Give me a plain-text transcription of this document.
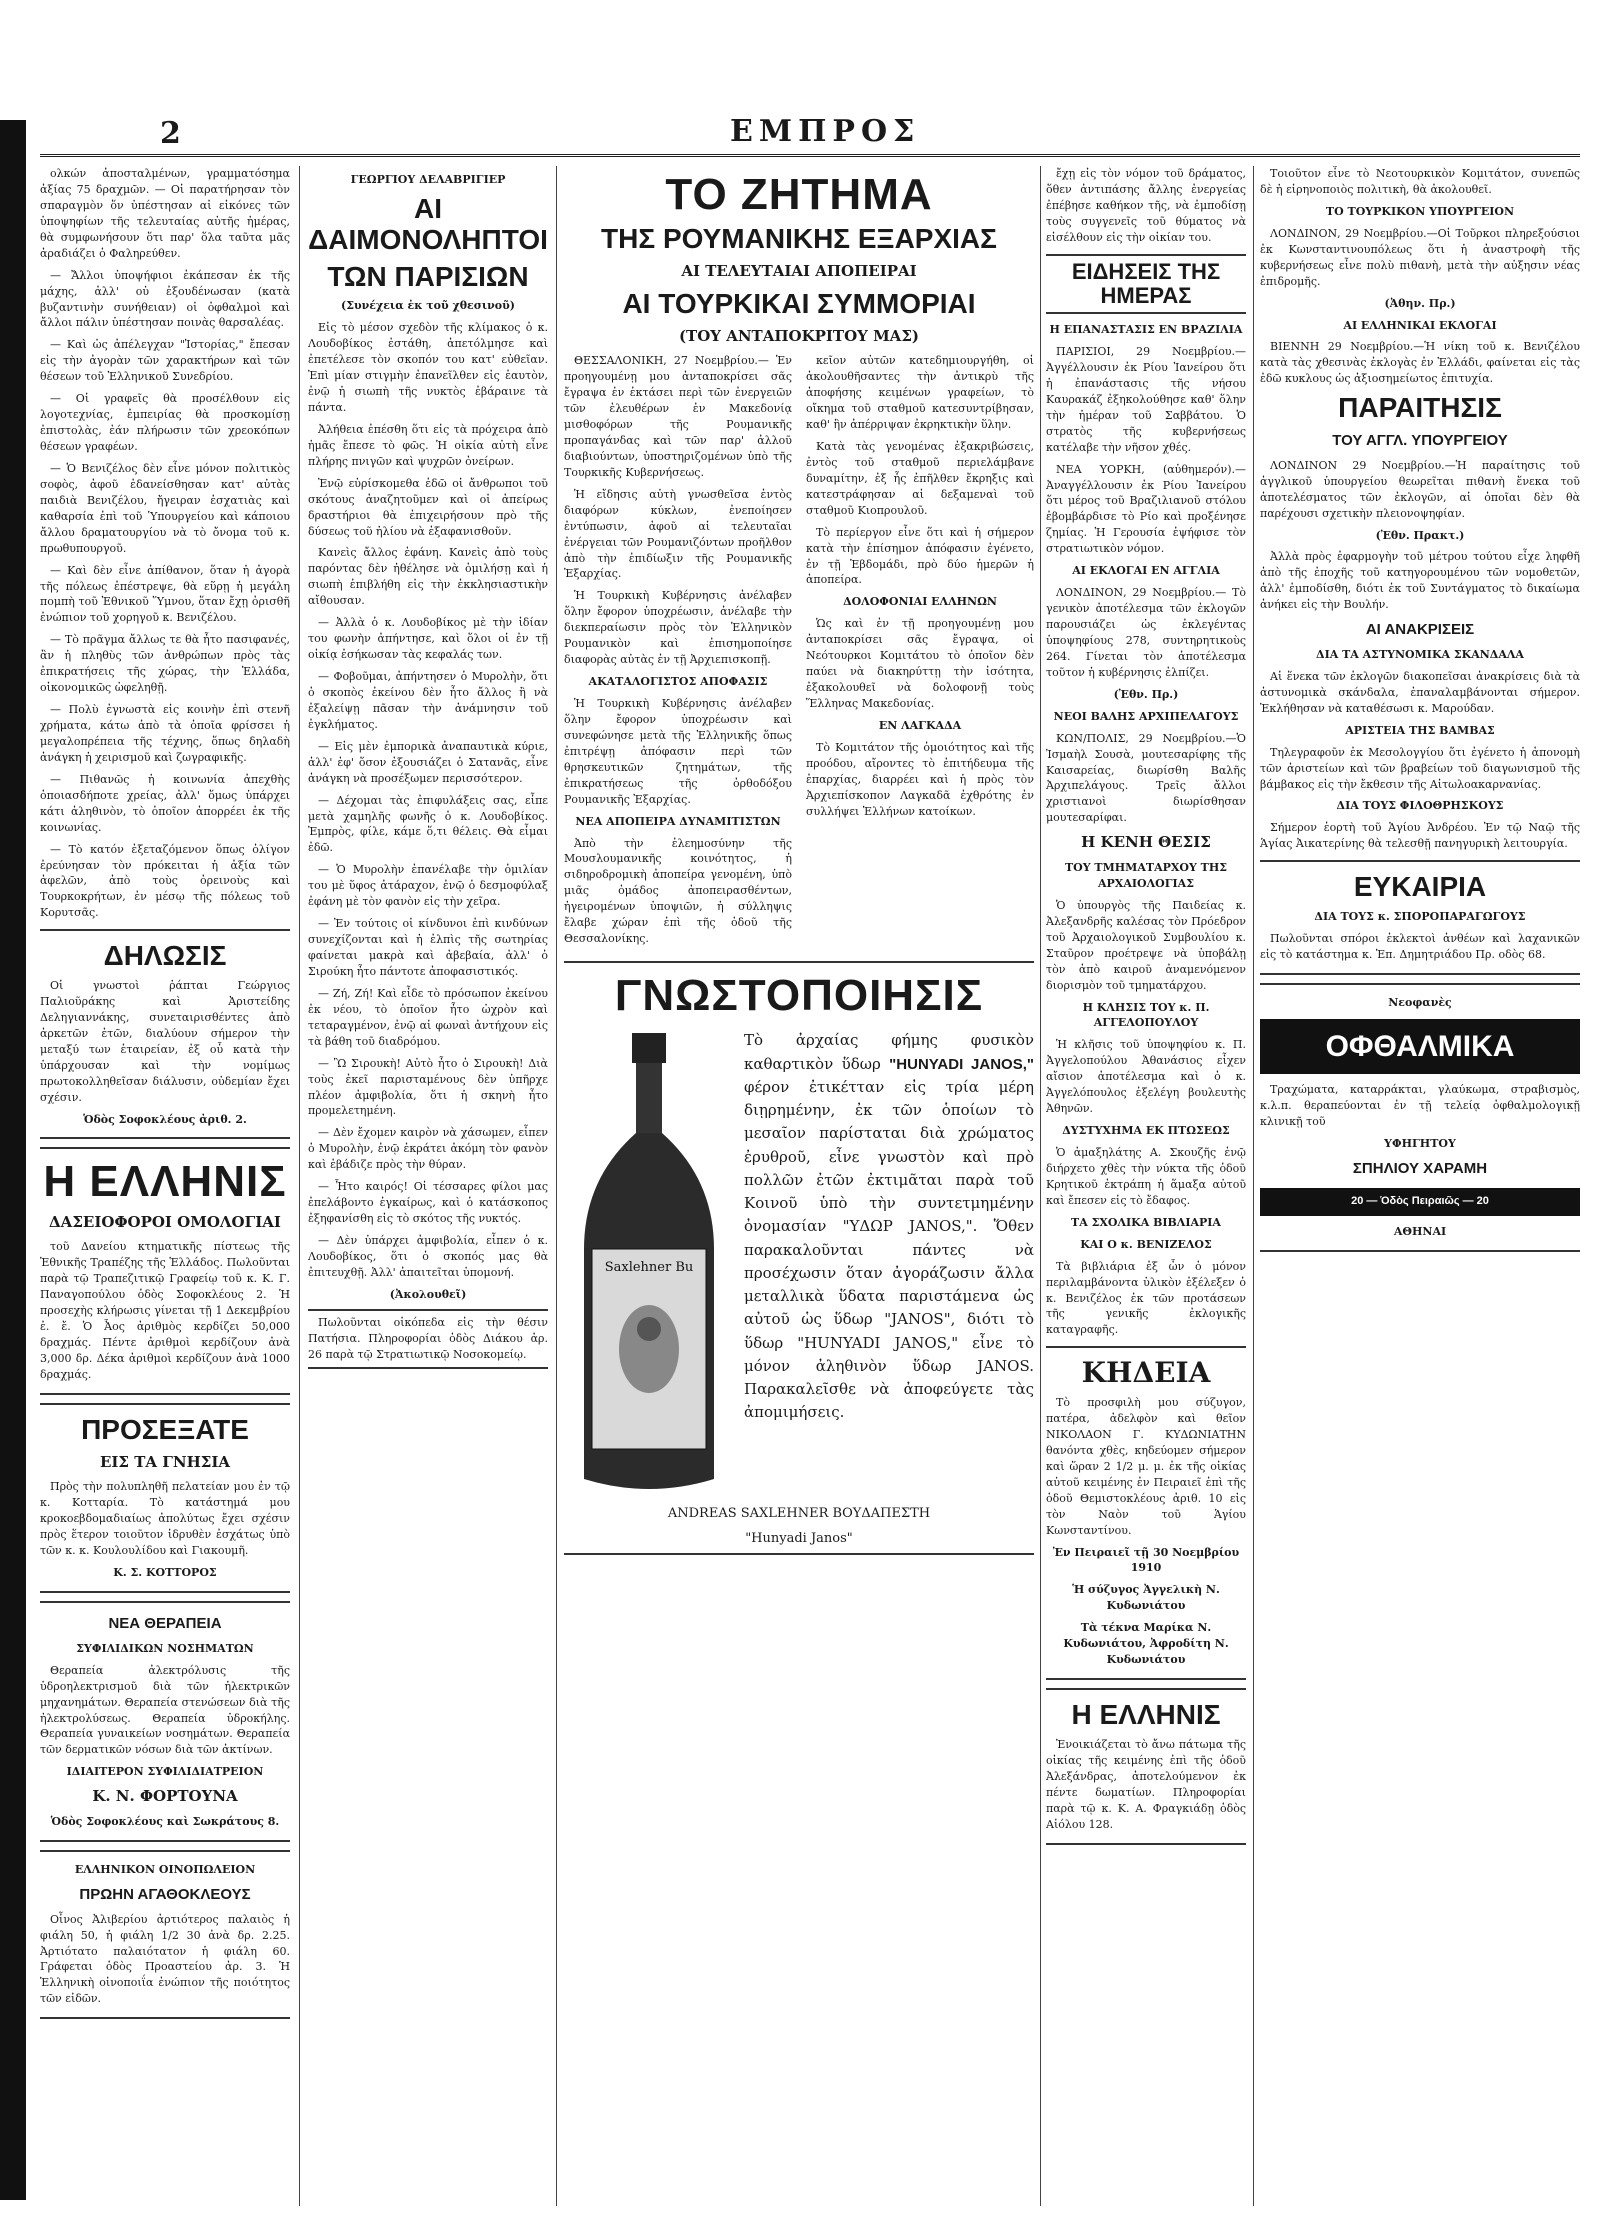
2	ΕΜΠΡΟΣ

ολκών ἀποσταλμένων, γραμματόσημα ἀξίας 75 δραχμῶν. — Οἱ παρατήρησαν τὸν σπαραγμὸν ὅν ὑπέστησαν αἱ εἰκόνες τῶν ὑποψηφίων τῆς τελευταίας αὐτῆς ἡμέρας, θὰ συμφωνήσουν ὅτι παρ' ὅλα ταῦτα μᾶς ἀραδιάζει ὁ Φαληρεύθεν.

— Ἄλλοι ὑποψήφιοι ἐκάπεσαν ἐκ τῆς μάχης, ἀλλ' οὐ ἐξουδένωσαν (κατὰ βυζαντινὴν συνήθειαν) οἱ ὀφθαλμοὶ καὶ ἄλλοι πάλιν ὑπέστησαν ποινὰς θαρσαλέας.

— Καὶ ὡς ἀπέλεγχαν "Ἱστορίας," ἔπεσαν εἰς τὴν ἀγορὰν τῶν χαρακτήρων καὶ τῶν θέσεων τοῦ Ἐλληνικοῦ Συνεδρίου.

— Οἱ γραφεῖς θὰ προσέλθουν εἰς λογοτεχνίας, ἐμπειρίας θὰ προσκομίσῃ ἐπιστολὰς, ἐάν πλήρωσιν τῶν χρεοκόπων θέσεων γραφέων.

— Ὁ Βενιζέλος δὲν εἶνε μόνον πολιτικὸς σοφὸς, ἀφοῦ ἐδανείσθησαν κατ' αὐτὰς παιδιὰ Βενιζέλου, ἤγειραν ἐσχατιὰς καὶ καθαρσία ἐπὶ τοῦ Ὑπουργείου καὶ κάποιου ἄλλου δραματουργίου νὰ τὸ ὄνομα τοῦ κ. πρωθυπουργοῦ.

— Καὶ δὲν εἶνε ἀπίθανον, ὅταν ἡ ἀγορὰ τῆς πόλεως ἐπέστρεψε, θὰ εὕρῃ ἡ μεγάλη πομπὴ τοῦ Ἐθνικοῦ Ὕμνου, ὅταν ἔχῃ ὀρισθῆ ἐνώπιον τοῦ χορηγοῦ κ. Βενιζέλου.

— Τὸ πρᾶγμα ἄλλως τε θὰ ἦτο πασιφανές, ἂν ἡ πληθὺς τῶν ἀνθρώπων πρὸς τὰς ἐπικρατήσεις τῆς χώρας, τὴν Ἑλλάδα, οἰκονομικῶς ὠφεληθῇ.

— Πολὺ ἐγνωστὰ εἰς κοινὴν ἐπὶ στενῆ χρήματα, κάτω ἀπὸ τὰ ὁποῖα φρίσσει ἡ μεγαλοπρέπεια τῆς τέχνης, ὅπως δηλαδὴ ἀνάγκη ἡ χειρισμοῦ καὶ ζωγραφικῆς.

— Πιθανῶς ἡ κοινωνία ἀπεχθὴς ὁποιασδήποτε χρείας, ἀλλ' ὅμως ὑπάρχει κάτι ἀληθινὸν, τὸ ὁποῖον ἀπορρέει ἐκ τῆς κοινωνίας.

— Τὸ κατόν ἐξεταζόμενον ὅπως ὀλίγον ἐρεύνησαν τὸν πρόκειται ἡ ἀξία τῶν ἀφελῶν, ἀπὸ τοὺς ὀρεινοὺς καὶ Τουρκοκρήτων, ἐν μέσῳ τῆς πόλεως τοῦ Κορυτσᾶς.

ΔΗΛΩΣΙΣ

Οἱ γνωστοὶ ῥάπται Γεώργιος Παλιοῦράκης καὶ Ἀριστείδης Δεληγιαννάκης, συνεταιρισθέντες ἀπὸ ἀρκετῶν ἐτῶν, διαλύουν σήμερον τὴν μεταξύ των ἑταιρείαν, ἐξ οὗ κατὰ τὴν ὑπάρχουσαν καὶ τὴν νομίμως πρωτοκολληθεῖσαν διάλυσιν, οὐδεμίαν ἔχει σχέσιν.

Ὁδὸς Σοφοκλέους ἀριθ. 2.
Η ΕΛΛΗΝΙΣ
ΔΑΣΕΙΟΦΟΡΟΙ ΟΜΟΛΟΓΙΑΙ

τοῦ Δανείου κτηματικῆς πίστεως τῆς Ἐθνικῆς Τραπέζης τῆς Ἑλλάδος. Πωλοῦνται παρὰ τῷ Τραπεζιτικῷ Γραφείῳ τοῦ κ. Κ. Γ. Παναγοπούλου ὁδὸς Σοφοκλέους 2. Ἡ προσεχὴς κλήρωσις γίνεται τῇ 1 Δεκεμβρίου ἐ. ἔ. Ὁ Ἆος ἀριθμὸς κερδίζει 50,000 δραχμάς. Πέντε ἀριθμοὶ κερδίζουν ἀνὰ 3,000 δρ. Δέκα ἀριθμοὶ κερδίζουν ἀνὰ 1000 δραχμάς.

ΠΡΟΣΕΞΑΤΕ
ΕΙΣ ΤΑ ΓΝΗΣΙΑ

Πρὸς τὴν πολυπληθῆ πελατείαν μου ἐν τῷ κ. Κοτταρία. Τὸ κατάστημά μου κροκοεβδομαδιαίως ἀπολύτως ἔχει σχέσιν πρὸς ἕτερον τοιοῦτον ἱδρυθὲν ἐσχάτως ὑπὸ τῶν κ. κ. Κουλουλίδου καὶ Γιακουμῆ.

Κ. Σ. ΚΟΤΤΟΡΟΣ
ΝΕΑ ΘΕΡΑΠΕΙΑ
ΣΥΦΙΛΙΔΙΚΩΝ ΝΟΣΗΜΑΤΩΝ

Θεραπεία ἀλεκτρόλυσις τῆς ὑδροηλεκτρισμοῦ διὰ τῶν ἠλεκτρικῶν μηχανημάτων. Θεραπεία στενώσεων διὰ τῆς ἠλεκτρολύσεως. Θεραπεία ὑδροκήλης. Θεραπεία γυναικείων νοσημάτων. Θεραπεία τῶν δερματικῶν νόσων διὰ τῶν ἀκτίνων.

ΙΔΙΑΙΤΕΡΟΝ ΣΥΦΙΛΙΔΙΑΤΡΕΙΟΝ
Κ. Ν. ΦΟΡΤΟΥΝΑ
Ὁδὸς Σοφοκλέους καὶ Σωκράτους 8.
ΕΛΛΗΝΙΚΟΝ ΟΙΝΟΠΩΛΕΙΟΝ
ΠΡΩΗΝ ΑΓΑΘΟΚΛΕΟΥΣ

Οἶνος Ἀλιβερίου ἀρτιότερος παλαιὸς ἡ φιάλη 50, ἡ φιάλη 1/2 30 ἀνὰ δρ. 2.25. Ἀρτιότατο παλαιότατον ἡ φιάλη 60. Γράφεται ὁδὸς Προαστείου ἀρ. 3. Ἡ Ἑλληνικὴ οἰνοποιΐα ἐνώπιον τῆς ποιότητος τῶν εἰδῶν.

ΓΕΩΡΓΙΟΥ ΔΕΛΑΒΡΙΓΙΕΡ
ΑΙ ΔΑΙΜΟΝΟΛΗΠΤΟΙ
ΤΩΝ ΠΑΡΙΣΙΩΝ
(Συνέχεια ἐκ τοῦ χθεσινοῦ)

Εἰς τὸ μέσον σχεδὸν τῆς κλίμακος ὁ κ. Λουδοβίκος ἐστάθη, ἀπετόλμησε καὶ ἐπετέλεσε τὸν σκοπόν του κατ' εὐθεῖαν. Ἐπὶ μίαν στιγμὴν ἐπανεῖλθεν εἰς ἑαυτὸν, ἐνῷ ἡ σιωπὴ τῆς νυκτὸς ἐβάραινε τὰ πάντα.

Ἀλήθεια ἐπέσθη ὅτι εἰς τὰ πρόχειρα ἀπὸ ἡμᾶς ἔπεσε τὸ φῶς. Ἡ οἰκία αὐτὴ εἶνε πλήρης πνιγῶν καὶ ψυχρῶν ὀνείρων.

Ἐνῷ εὑρίσκομεθα ἐδῶ οἱ ἄνθρωποι τοῦ σκότους ἀναζητοῦμεν καὶ οἱ ἀπείρως δραστήριοι θὰ ἐπιχειρήσουν πρὸ τῆς δύσεως τοῦ ἡλίου νὰ ἐξαφανισθοῦν.

Κανεὶς ἄλλος ἐφάνη. Κανεὶς ἀπὸ τοὺς παρόντας δὲν ἠθέλησε νὰ ὁμιλήσῃ καὶ ἡ σιωπὴ ἐπιβλήθη εἰς τὴν ἐκκλησιαστικὴν αἴθουσαν.

— Ἀλλὰ ὁ κ. Λουδοβίκος μὲ τὴν ἰδίαν του φωνὴν ἀπήντησε, καὶ ὅλοι οἱ ἐν τῇ οἰκίᾳ ἐσήκωσαν τὰς κεφαλάς των.

— Φοβοῦμαι, ἀπήντησεν ὁ Μυρολὴν, ὅτι ὁ σκοπὸς ἐκείνου δὲν ἦτο ἄλλος ἢ νὰ ἐξαλείψῃ πᾶσαν τὴν ἀνάμνησιν τοῦ ἐγκλήματος.

— Εἰς μὲν ἐμπορικὰ ἀναπαυτικὰ κύριε, ἀλλ' ἐφ' ὅσον ἐξουσιάζει ὁ Σατανᾶς, εἶνε ἀνάγκη νὰ προσέξωμεν περισσότερον.

— Δέχομαι τὰς ἐπιφυλάξεις σας, εἶπε μετὰ χαμηλῆς φωνῆς ὁ κ. Λουδοβίκος. Ἐμπρὸς, φίλε, κάμε ὅ,τι θέλεις. Θὰ εἶμαι ἐδῶ.

— Ὁ Μυρολὴν ἐπανέλαβε τὴν ὁμιλίαν του μὲ ὕφος ἀτάραχον, ἐνῷ ὁ δεσμοφύλαξ ἐφάνη μὲ τὸν φανὸν εἰς τὴν χεῖρα.

— Ἐν τούτοις οἱ κίνδυνοι ἐπὶ κινδύνων συνεχίζονται καὶ ἡ ἐλπὶς τῆς σωτηρίας φαίνεται μακρὰ καὶ ἀβεβαία, ἀλλ' ὁ Σιρούκη ἦτο πάντοτε ἀποφασιστικός.

— Ζή, Ζή! Καὶ εἶδε τὸ πρόσωπον ἐκείνου ἐκ νέου, τὸ ὁποῖον ἦτο ὠχρὸν καὶ τεταραγμένον, ἐνῷ αἱ φωναὶ ἀντήχουν εἰς τὰ βάθη τοῦ διαδρόμου.

— Ὢ Σιρουκὴ! Αὐτὸ ἦτο ὁ Σιρουκὴ! Διὰ τοὺς ἐκεῖ παρισταμένους δὲν ὑπῆρχε πλέον ἀμφιβολία, ὅτι ἡ σκηνὴ ἦτο προμελετημένη.

— Δὲν ἔχομεν καιρὸν νὰ χάσωμεν, εἶπεν ὁ Μυρολὴν, ἐνῷ ἐκράτει ἀκόμη τὸν φανὸν καὶ ἐβάδιζε πρὸς τὴν θύραν.

— Ἦτο καιρός! Οἱ τέσσαρες φίλοι μας ἐπελάβοντο ἐγκαίρως, καὶ ὁ κατάσκοπος ἐξηφανίσθη εἰς τὸ σκότος τῆς νυκτός.

— Δὲν ὑπάρχει ἀμφιβολία, εἶπεν ὁ κ. Λουδοβίκος, ὅτι ὁ σκοπός μας θὰ ἐπιτευχθῇ. Ἀλλ' ἀπαιτεῖται ὑπομονή.

(Ἀκολουθεῖ)

Πωλοῦνται οἰκόπεδα εἰς τὴν θέσιν Πατήσια. Πληροφορίαι ὁδὸς Διάκου ἀρ. 26 παρὰ τῷ Στρατιωτικῷ Νοσοκομείῳ.

ΤΟ ΖΗΤΗΜΑ
ΤΗΣ ΡΟΥΜΑΝΙΚΗΣ ΕΞΑΡΧΙΑΣ
ΑΙ ΤΕΛΕΥΤΑΙΑΙ ΑΠΟΠΕΙΡΑΙ
ΑΙ ΤΟΥΡΚΙΚΑΙ ΣΥΜΜΟΡΙΑΙ
(ΤΟΥ ΑΝΤΑΠΟΚΡΙΤΟΥ ΜΑΣ)

ΘΕΣΣΑΛΟΝΙΚΗ, 27 Νοεμβρίου.— Ἐν προηγουμένῃ μου ἀνταποκρίσει σᾶς ἔγραψα ἐν ἐκτάσει περὶ τῶν ἐνεργειῶν τῶν ἐλευθέρων ἐν Μακεδονίᾳ μισθοφόρων τῆς Ρουμανικῆς προπαγάνδας καὶ τῶν παρ' ἀλλοῦ διαβιούντων, ὑποστηριζομένων ὑπὸ τῆς Τουρκικῆς Κυβερνήσεως.

Ἡ εἴδησις αὐτὴ γνωσθεῖσα ἐντὸς διαφόρων κύκλων, ἐνεποίησεν ἐντύπωσιν, ἀφοῦ αἱ τελευταῖαι ἐνέργειαι τῶν Ρουμανιζόντων προῆλθον ἀπὸ τὴν ἐπιδίωξιν τῆς Ρουμανικῆς Ἐξαρχίας.

Ἡ Τουρκικὴ Κυβέρνησις ἀνέλαβεν ὅλην ἔφορον ὑποχρέωσιν, ἀνέλαβε τὴν διεκπεραίωσιν πρὸς τὸν Ἑλληνικὸν Ρουμανικὸν καὶ ἐπισημοποίησε διαφορὰς αὐτὰς ἐν τῇ Ἀρχιεπισκοπῇ.

ΑΚΑΤΑΛΟΓΙΣΤΟΣ ΑΠΟΦΑΣΙΣ

Ἡ Τουρκικὴ Κυβέρνησις ἀνέλαβεν ὅλην ἔφορον ὑποχρέωσιν καὶ συνεφώνησε μετὰ τῆς Ἑλληνικῆς ὅπως ἐπιτρέψῃ ἀπόφασιν περὶ τῶν θρησκευτικῶν ζητημάτων, τῆς ἐπικρατήσεως τῆς ὀρθοδόξου Ρουμανικῆς Ἐξαρχίας.

ΝΕΑ ΑΠΟΠΕΙΡΑ ΔΥΝΑΜΙΤΙΣΤΩΝ

Ἀπὸ τὴν ἐλεημοσύνην τῆς Μουσλουμανικῆς κοινότητος, ἡ σιδηροδρομικὴ ἀποπείρα γενομένη, ὑπὸ μιᾶς ὁμάδος ἀποπειρασθέντων, ἠγειρομένων ὑποψιῶν, ἡ σύλληψις ἔλαβε χώραν ἐπὶ τῆς ὁδοῦ τῆς Θεσσαλονίκης.

κεῖον αὐτῶν κατεδημιουργήθη, οἱ ἀκολουθῆσαντες τὴν ἀντικρὺ τῆς ἀποφήσης κειμένων γραφείων, τὸ οἴκημα τοῦ σταθμοῦ κατεσυντρίβησαν, καθ' ἣν ἀπέρριψαν ἐκρηκτικὴν ὕλην.

Κατὰ τὰς γενομένας ἐξακριβώσεις, ἐντὸς τοῦ σταθμοῦ περιελάμβανε δυναμίτην, ἐξ ἧς ἐπῆλθεν ἔκρηξις καὶ κατεστράφησαν αἱ δεξαμεναὶ τοῦ σταθμοῦ Κιοπρουλοῦ.

Τὸ περίεργον εἶνε ὅτι καὶ ἡ σήμερον κατὰ τὴν ἐπίσημον ἀπόφασιν ἐγένετο, ἐν τῇ Ἑβδομάδι, πρὸ δύο ἡμερῶν ἡ ἀποπείρα.

ΔΟΛΟΦΟΝΙΑΙ ΕΛΛΗΝΩΝ

Ὡς καὶ ἐν τῇ προηγουμένῃ μου ἀνταποκρίσει σᾶς ἔγραψα, οἱ Νεότουρκοι Κομιτάτου τὸ ὁποῖον δὲν παύει νὰ διακηρύττῃ τὴν ἰσότητα, ἐξακολουθεῖ νὰ δολοφονῇ τοὺς Ἕλληνας Μακεδονίας.

ΕΝ ΛΑΓΚΑΔΑ

Τὸ Κομιτάτον τῆς ὁμοιότητος καὶ τῆς προόδου, αἴροντες τὸ ἐπιτήδευμα τῆς ἐπαρχίας, διαρρέει καὶ ἡ πρὸς τὸν Ἀρχιεπίσκοπον Λαγκαδᾶ ἐχθρότης ἐν συλλήψει Ἑλλήνων κατοίκων.

ΓΝΩΣΤΟΠΟΙΗΣΙΣ
Saxlehner Bu
Τὸ ἀρχαίας φήμης φυσικὸν καθαρτικὸν ὕδωρ "HUNYADI JANOS," φέρον ἐτικέτταν εἰς τρία μέρη διῃρημένην, ἐκ τῶν ὁποίων τὸ μεσαῖον παρίσταται διὰ χρώματος ἐρυθροῦ, εἶνε γνωστὸν καὶ πρὸ πολλῶν ἐτῶν ἐκτιμᾶται παρὰ τοῦ Κοινοῦ ὑπὸ τὴν συντετμημένην ὀνομασίαν "ΥΔΩΡ JANOS,". Ὅθεν παρακαλοῦνται πάντες νὰ προσέχωσιν ὅταν ἀγοράζωσιν ἄλλα μεταλλικὰ ὕδατα παριστάμενα ὡς αὐτοῦ ὡς ὕδωρ "JANOS", διότι τὸ ὕδωρ "HUNYADI JANOS," εἶνε τὸ μόνον ἀληθινὸν ὕδωρ JANOS. Παρακαλεῖσθε νὰ ἀποφεύγετε τὰς ἀπομιμήσεις.
ANDREAS SAXLEHNER ΒΟΥΔΑΠΕΣΤΗ
"Hunyadi Janos"

ἔχῃ εἰς τὸν νόμον τοῦ δράματος, ὅθεν ἀντιπάσης ἄλλης ἐνεργείας ἐπέβησε καθήκον τῆς, νὰ ἐμποδίσῃ τοὺς συγγενεῖς τοῦ θύματος νὰ εἰσέλθουν εἰς τὴν οἰκίαν του.

ΕΙΔΗΣΕΙΣ ΤΗΣ ΗΜΕΡΑΣ
Η ΕΠΑΝΑΣΤΑΣΙΣ ΕΝ ΒΡΑΖΙΛΙΑ

ΠΑΡΙΣΙΟΙ, 29 Νοεμβρίου.—Ἀγγέλλουσιν ἐκ Ρίου Ἰανείρου ὅτι ἡ ἐπανάστασις τῆς νήσου Καυρακάζ ἐξηκολούθησε καθ' ὅλην τὴν ἡμέραν τοῦ Σαββάτου. Ὁ στρατὸς τῆς κυβερνήσεως κατέλαβε τὴν νῆσον χθές.

ΝΕΑ ΥΟΡΚΗ, (αὐθημερόν).—Ἀναγγέλλουσιν ἐκ Ρίου Ἰανείρου ὅτι μέρος τοῦ Βραζιλιανοῦ στόλου ἐβομβάρδισε τὸ Ρίο καὶ προξένησε ζημίας. Ἡ Γερουσία ἐψήφισε τὸν στρατιωτικὸν νόμον.

ΑΙ ΕΚΛΟΓΑΙ ΕΝ ΑΓΓΛΙΑ

ΛΟΝΔΙΝΟΝ, 29 Νοεμβρίου.— Τὸ γενικὸν ἀποτέλεσμα τῶν ἐκλογῶν παρουσιάζει ὡς ἐκλεγέντας ὑποψηφίους 278, συντηρητικοὺς 264. Γίνεται τὸν ἀποτέλεσμα τοῦτον ἡ κυβέρνησις ἐλπίζει.

(Ἐθν. Πρ.)
ΝΕΟΙ ΒΑΛΗΣ ΑΡΧΙΠΕΛΑΓΟΥΣ

ΚΩΝ/ΠΟΛΙΣ, 29 Νοεμβρίου.—Ὁ Ἰσμαὴλ Σουσὰ, μουτεσαρίφης τῆς Καισαρείας, διωρίσθη Βαλῆς Ἀρχιπελάγους. Τρεῖς ἄλλοι χριστιανοὶ διωρίσθησαν μουτεσαρίφαι.

Η ΚΕΝΗ ΘΕΣΙΣ
ΤΟΥ ΤΜΗΜΑΤΑΡΧΟΥ ΤΗΣ ΑΡΧΑΙΟΛΟΓΙΑΣ

Ὁ ὑπουργὸς τῆς Παιδείας κ. Ἀλεξανδρῆς καλέσας τὸν Πρόεδρον τοῦ Ἀρχαιολογικοῦ Συμβουλίου κ. Σταῦρον προέτρεψε νὰ ὑποβάλῃ τὸν ἀπὸ καιροῦ ἀναμενόμενον διορισμὸν τοῦ τμηματάρχου.

Η ΚΛΗΣΙΣ ΤΟΥ κ. Π. ΑΓΓΕΛΟΠΟΥΛΟΥ

Ἡ κλῆσις τοῦ ὑποψηφίου κ. Π. Ἀγγελοπούλου Ἀθανάσιος εἶχεν αἴσιον ἀποτέλεσμα καὶ ὁ κ. Ἀγγελόπουλος ἐξελέγη βουλευτὴς Ἀθηνῶν.

ΔΥΣΤΥΧΗΜΑ ΕΚ ΠΤΩΣΕΩΣ

Ὁ ἀμαξηλάτης Α. Σκουζῆς ἐνῷ διήρχετο χθὲς τὴν νύκτα τῆς ὁδοῦ Κρητικοῦ ἐκτράπη ἡ ἅμαξα αὐτοῦ καὶ ἔπεσεν εἰς τὸ ἔδαφος.

ΤΑ ΣΧΟΛΙΚΑ ΒΙΒΛΙΑΡΙΑ
ΚΑΙ Ο κ. ΒΕΝΙΖΕΛΟΣ

Τὰ βιβλιάρια ἐξ ὧν ὁ μόνον περιλαμβάνοντα ὑλικὸν ἐξέλεξεν ὁ κ. Βενιζέλος ἐκ τῶν προτάσεων τῆς γενικῆς ἐκλογικῆς καταγραφῆς.

ΚΗΔΕΙΑ

Τὸ προσφιλὴ μου σύζυγον, πατέρα, ἀδελφὸν καὶ θεῖον ΝΙΚΟΛΑΟΝ Γ. ΚΥΔΩΝΙΑΤΗΝ θανόντα χθὲς, κηδεύομεν σήμερον καὶ ὥραν 2 1/2 μ. μ. ἐκ τῆς οἰκίας αὐτοῦ κειμένης ἐν Πειραιεῖ ἐπὶ τῆς ὁδοῦ Θεμιστοκλέους ἀριθ. 10 εἰς τὸν Ναὸν τοῦ Ἁγίου Κωνσταντίνου.

Ἐν Πειραιεῖ τῇ 30 Νοεμβρίου 1910
Ἡ σύζυγος Ἀγγελικὴ Ν. Κυδωνιάτου
Τὰ τέκνα Μαρίκα Ν. Κυδωνιάτου, Ἀφροδίτη Ν. Κυδωνιάτου
Η ΕΛΛΗΝΙΣ

Ἐνοικιάζεται τὸ ἄνω πάτωμα τῆς οἰκίας τῆς κειμένης ἐπὶ τῆς ὁδοῦ Ἀλεξάνδρας, ἀποτελούμενον ἐκ πέντε δωματίων. Πληροφορίαι παρὰ τῷ κ. Κ. Α. Φραγκιάδῃ ὁδὸς Αἰόλου 128.

Τοιοῦτον εἶνε τὸ Νεοτουρκικὸν Κομιτάτον, συνεπῶς δὲ ἡ εἰρηνοποιὸς πολιτικὴ, θὰ ἀκολουθεῖ.

ΤΟ ΤΟΥΡΚΙΚΟΝ ΥΠΟΥΡΓΕΙΟΝ

ΛΟΝΔΙΝΟΝ, 29 Νοεμβρίου.—Οἱ Τοῦρκοι πληρεξούσιοι ἐκ Κωνσταντινουπόλεως ὅτι ἡ ἀναστροφὴ τῆς κυβερνήσεως εἶνε πολὺ πιθανὴ, μετὰ τὴν αὐξησιν νέας ἐπιδρομῆς.

(Ἀθην. Πρ.)
ΑΙ ΕΛΛΗΝΙΚΑΙ ΕΚΛΟΓΑΙ

ΒΙΕΝΝΗ 29 Νοεμβρίου.—Ἡ νίκη τοῦ κ. Βενιζέλου κατὰ τὰς χθεσινὰς ἐκλογὰς ἐν Ἑλλάδι, φαίνεται εἰς τὰς ἐδῶ κυκλους ὡς ἀξιοσημείωτος ἐπιτυχία.

ΠΑΡΑΙΤΗΣΙΣ
ΤΟΥ ΑΓΓΛ. ΥΠΟΥΡΓΕΙΟΥ

ΛΟΝΔΙΝΟΝ 29 Νοεμβρίου.—Ἡ παραίτησις τοῦ ἀγγλικοῦ ὑπουργείου θεωρεῖται πιθανὴ ἕνεκα τοῦ ἀποτελέσματος τῶν ἐκλογῶν, αἱ ὁποῖαι δὲν θὰ παρέχουσι σχετικὴν πλειονοψηφίαν.

(Ἐθν. Πρακτ.)

Ἀλλὰ πρὸς ἐφαρμογὴν τοῦ μέτρου τούτου εἶχε ληφθῆ ἀπὸ τῆς ἐποχῆς τοῦ κατηγορουμένου τῶν νομοθετῶν, ἀλλ' ἐμποδίσθη, διότι ἐκ τοῦ Συντάγματος τὸ δικαίωμα ἀνήκει εἰς τὴν Βουλήν.

ΑΙ ΑΝΑΚΡΙΣΕΙΣ
ΔΙΑ ΤΑ ΑΣΤΥΝΟΜΙΚΑ ΣΚΑΝΔΑΛΑ

Αἱ ἕνεκα τῶν ἐκλογῶν διακοπεῖσαι ἀνακρίσεις διὰ τὰ ἀστυνομικὰ σκάνδαλα, ἐπαναλαμβάνονται σήμερον. Ἐκλήθησαν νὰ καταθέσωσι κ. Μαρούδαν.

ΑΡΙΣΤΕΙΑ ΤΗΣ ΒΑΜΒΑΣ

Τηλεγραφοῦν ἐκ Μεσολογγίου ὅτι ἐγένετο ἡ ἀπονομὴ τῶν ἀριστείων καὶ τῶν βραβείων τοῦ διαγωνισμοῦ τῆς βάμβακος εἰς τὴν ἔκθεσιν τῆς Αἰτωλοακαρνανίας.

ΔΙΑ ΤΟΥΣ ΦΙΛΟΘΡΗΣΚΟΥΣ

Σήμερον ἑορτὴ τοῦ Ἁγίου Ἀνδρέου. Ἐν τῷ Ναῷ τῆς Ἁγίας Ἀικατερίνης θὰ τελεσθῇ πανηγυρικὴ λειτουργία.

ΕΥΚΑΙΡΙΑ
ΔΙΑ ΤΟΥΣ κ. ΣΠΟΡΟΠΑΡΑΓΩΓΟΥΣ

Πωλοῦνται σπόροι ἐκλεκτοὶ ἀνθέων καὶ λαχανικῶν εἰς τὸ κατάστημα κ. Ἐπ. Δημητριάδου Πρ. οδὸς 68.

Νεοφανὲς
ΟΦΘΑΛΜΙΚΑ

Τραχώματα, καταρράκται, γλαύκωμα, στραβισμὸς, κ.λ.π. θεραπεύονται ἐν τῇ τελείᾳ ὀφθαλμολογικῇ κλινικῇ τοῦ

ΥΦΗΓΗΤΟΥ
ΣΠΗΛΙΟΥ ΧΑΡΑΜΗ
20 — Ὁδὸς Πειραιῶς — 20
ΑΘΗΝΑΙ
